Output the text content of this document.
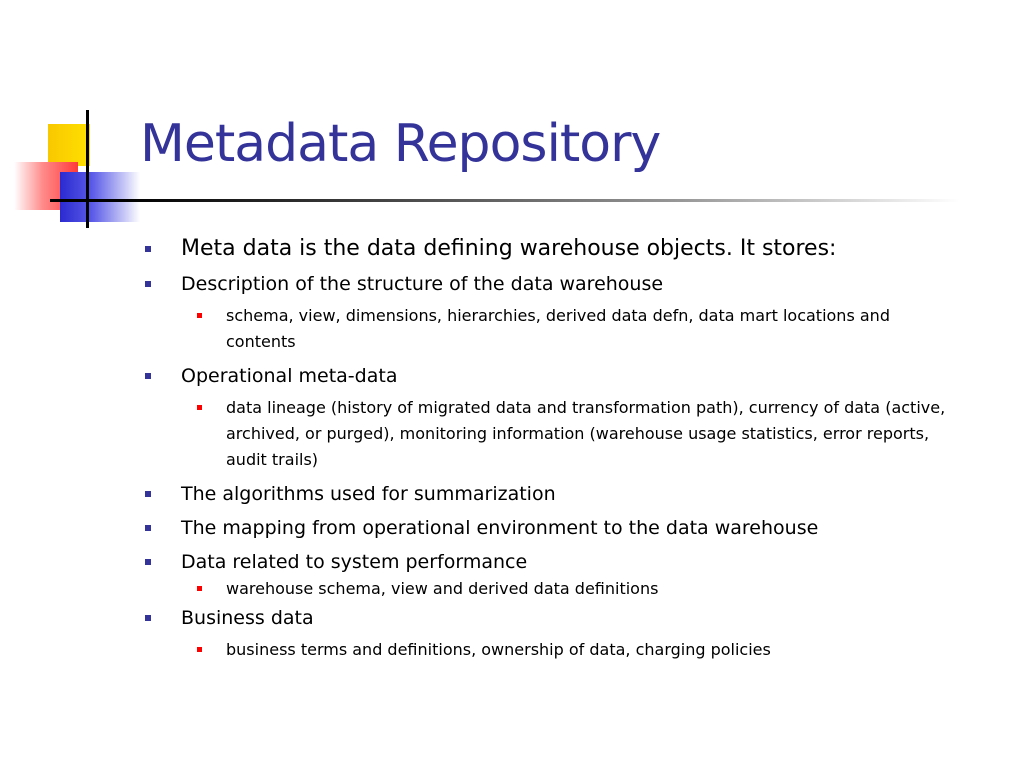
Metadata Repository
Meta data is the data defining warehouse objects. It stores:
Description of the structure of the data warehouse
schema, view, dimensions, hierarchies, derived data defn, data mart locations and contents
Operational meta-data
data lineage (history of migrated data and transformation path), currency of data (active, archived, or purged), monitoring information (warehouse usage statistics, error reports, audit trails)
The algorithms used for summarization
The mapping from operational environment to the data warehouse
Data related to system performance
warehouse schema, view and derived data definitions
Business data
business terms and definitions, ownership of data, charging policies
